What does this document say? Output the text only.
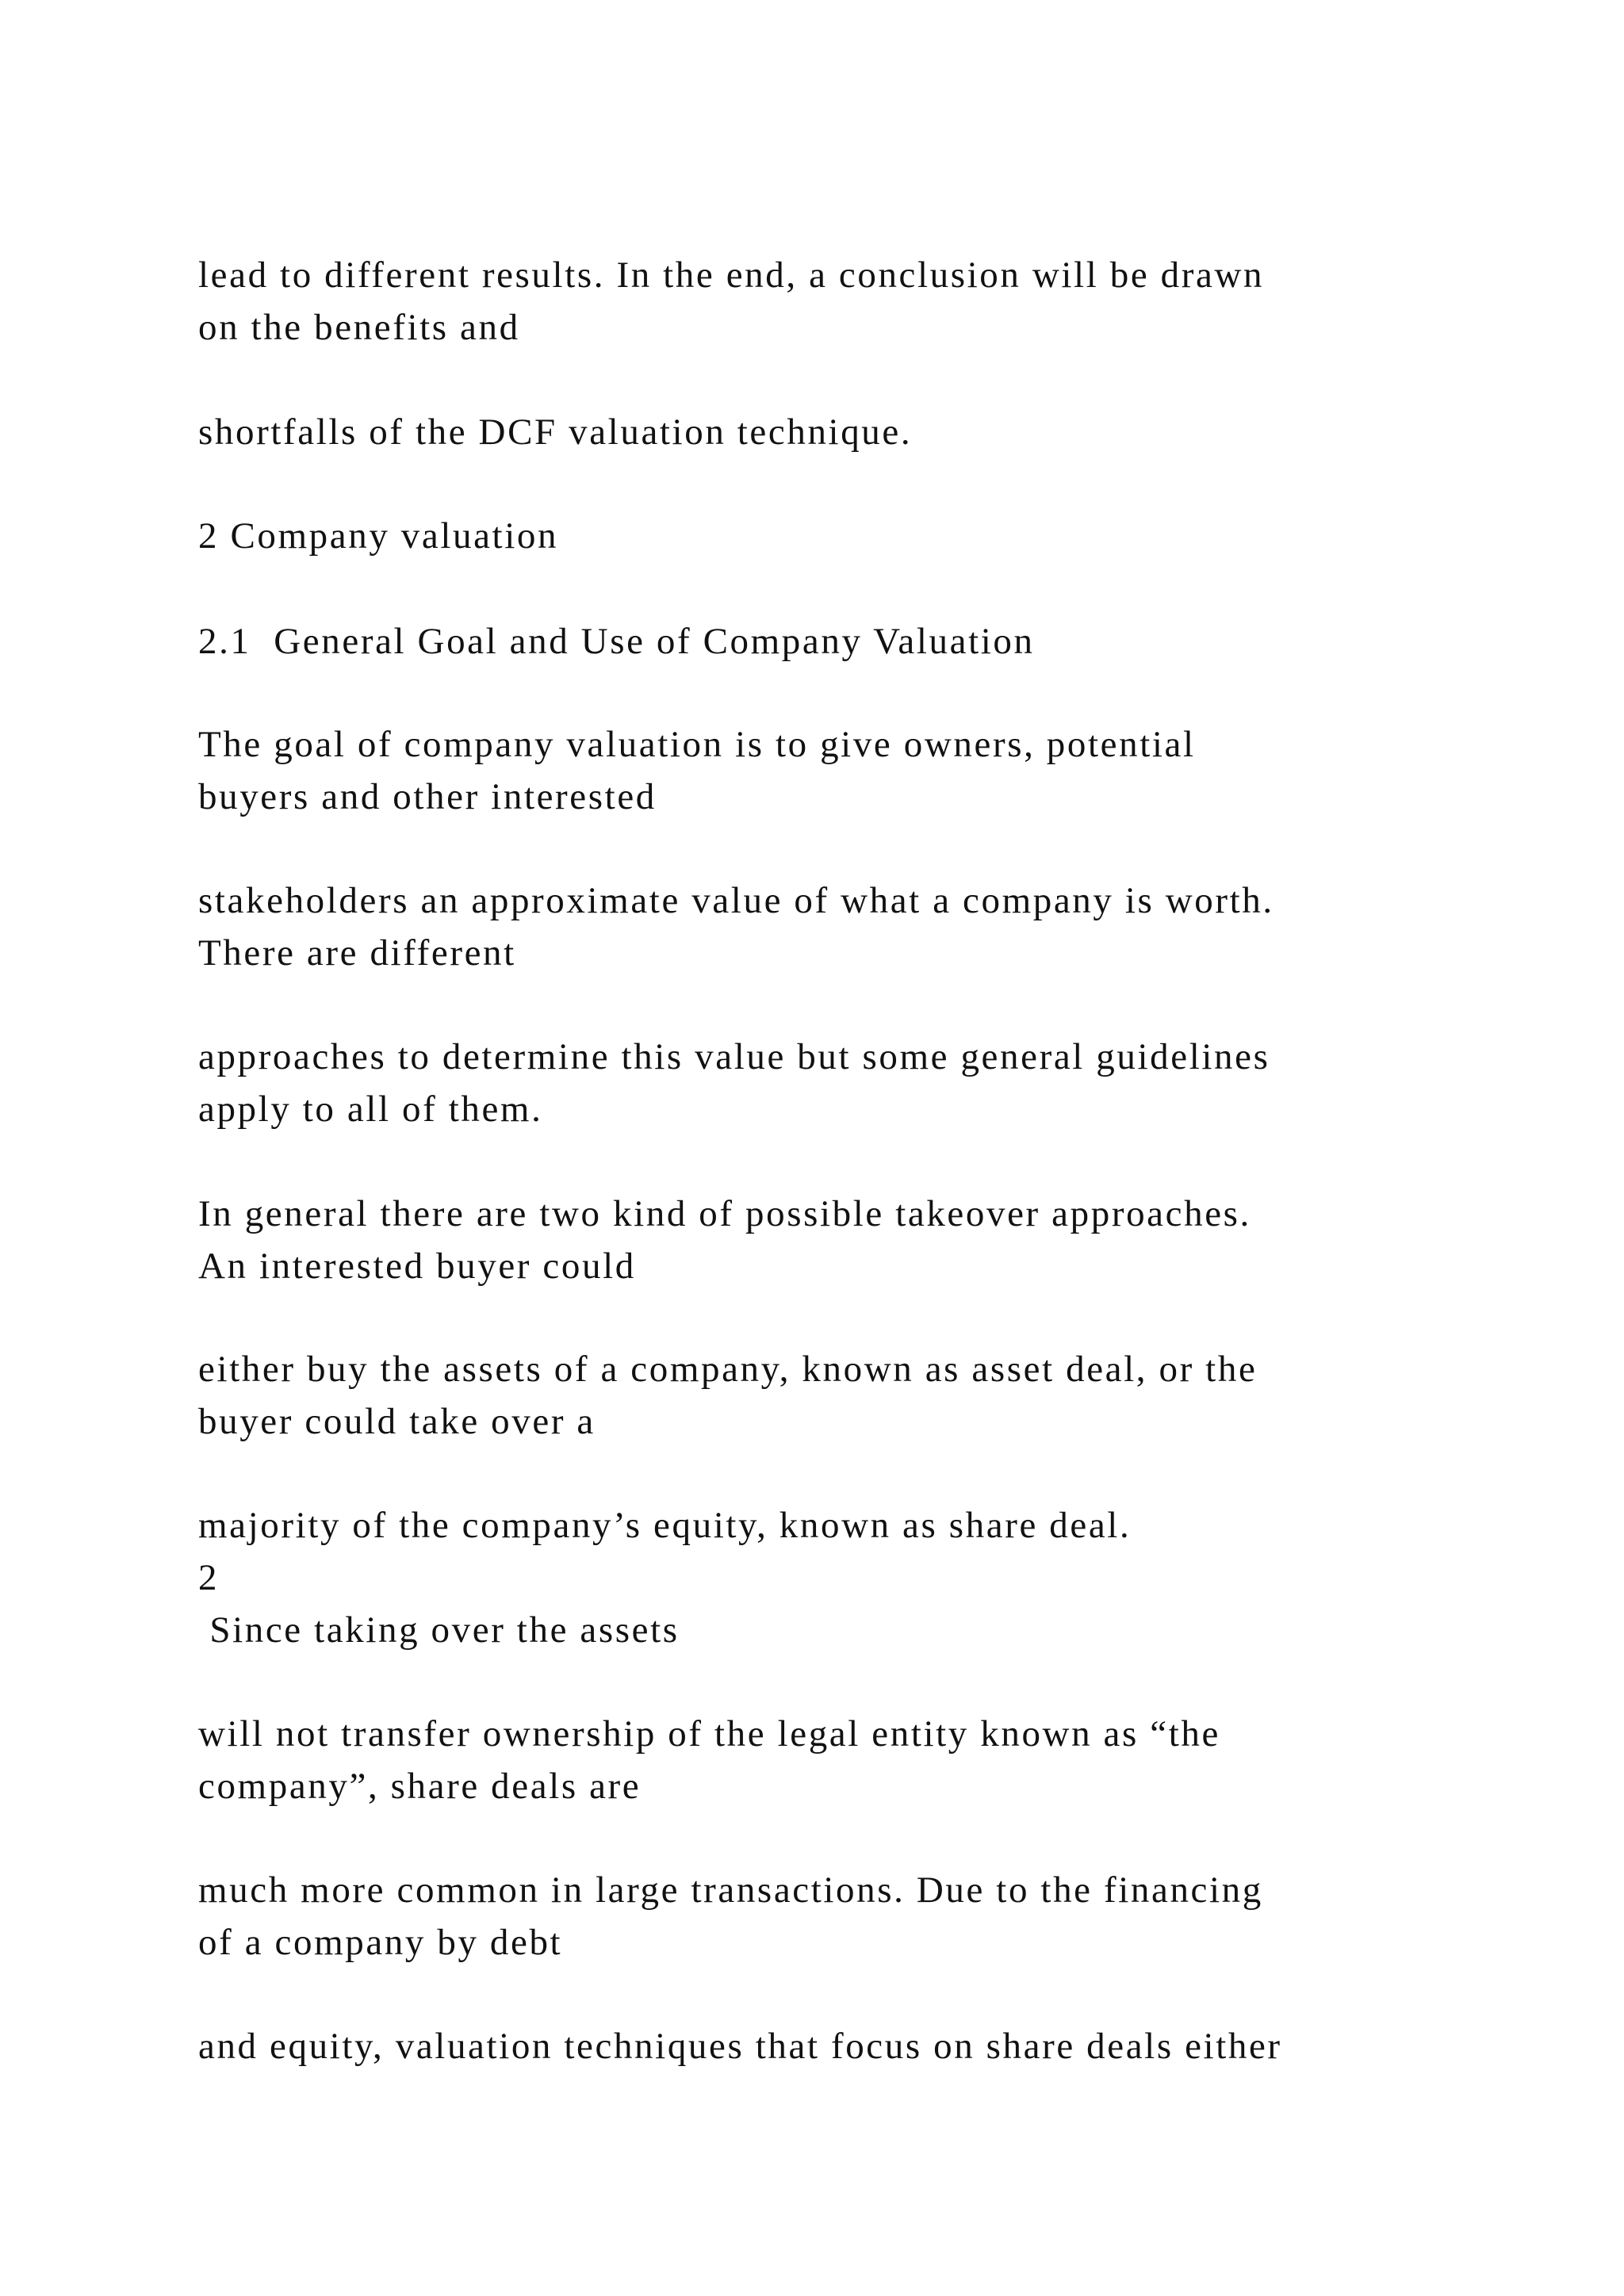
lead to different results. In the end, a conclusion will be drawn
on the benefits and
shortfalls of the DCF valuation technique.
2 Company valuation
2.1  General Goal and Use of Company Valuation
The goal of company valuation is to give owners, potential
buyers and other interested
stakeholders an approximate value of what a company is worth.
There are different
approaches to determine this value but some general guidelines
apply to all of them.
In general there are two kind of possible takeover approaches.
An interested buyer could
either buy the assets of a company, known as asset deal, or the
buyer could take over a
majority of the company’s equity, known as share deal.
2
Since taking over the assets
will not transfer ownership of the legal entity known as “the
company”, share deals are
much more common in large transactions. Due to the financing
of a company by debt
and equity, valuation techniques that focus on share deals either
